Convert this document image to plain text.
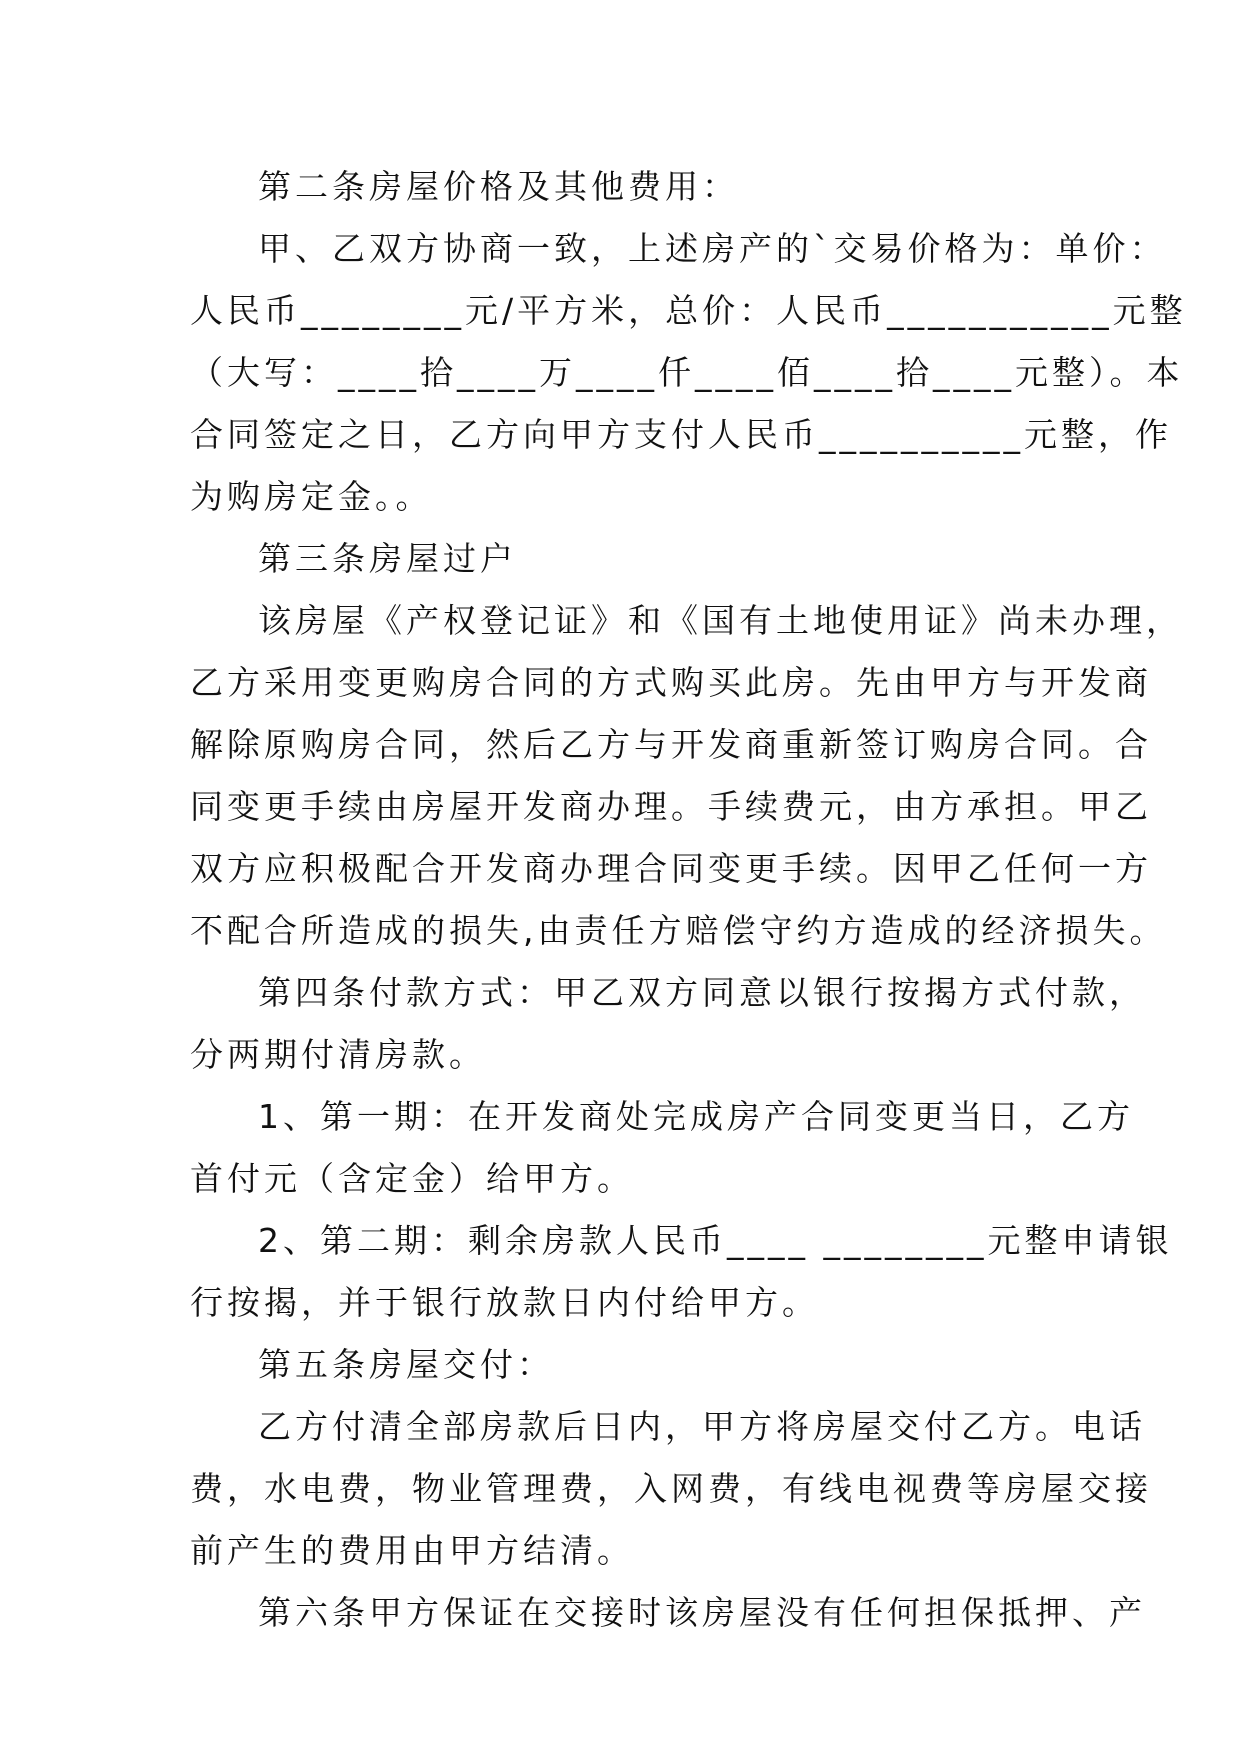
第二条房屋价格及其他费用：

甲、乙双方协商一致，上述房产的`交易价格为：单价：
人民币________元/平方米，总价：人民币___________元整
（大写：____拾____万____仟____佰____拾____元整）。本
合同签定之日，乙方向甲方支付人民币__________元整，作
为购房定金。。

第三条房屋过户

该房屋《产权登记证》和《国有土地使用证》尚未办理，
乙方采用变更购房合同的方式购买此房。先由甲方与开发商
解除原购房合同，然后乙方与开发商重新签订购房合同。合
同变更手续由房屋开发商办理。手续费元，由方承担。甲乙
双方应积极配合开发商办理合同变更手续。因甲乙任何一方
不配合所造成的损失,由责任方赔偿守约方造成的经济损失。

第四条付款方式：甲乙双方同意以银行按揭方式付款，
分两期付清房款。

1、第一期：在开发商处完成房产合同变更当日，乙方
首付元（含定金）给甲方。

2、第二期：剩余房款人民币____ ________元整申请银
行按揭，并于银行放款日内付给甲方。

第五条房屋交付：

乙方付清全部房款后日内，甲方将房屋交付乙方。电话
费，水电费，物业管理费，入网费，有线电视费等房屋交接
前产生的费用由甲方结清。

第六条甲方保证在交接时该房屋没有任何担保抵押、产
